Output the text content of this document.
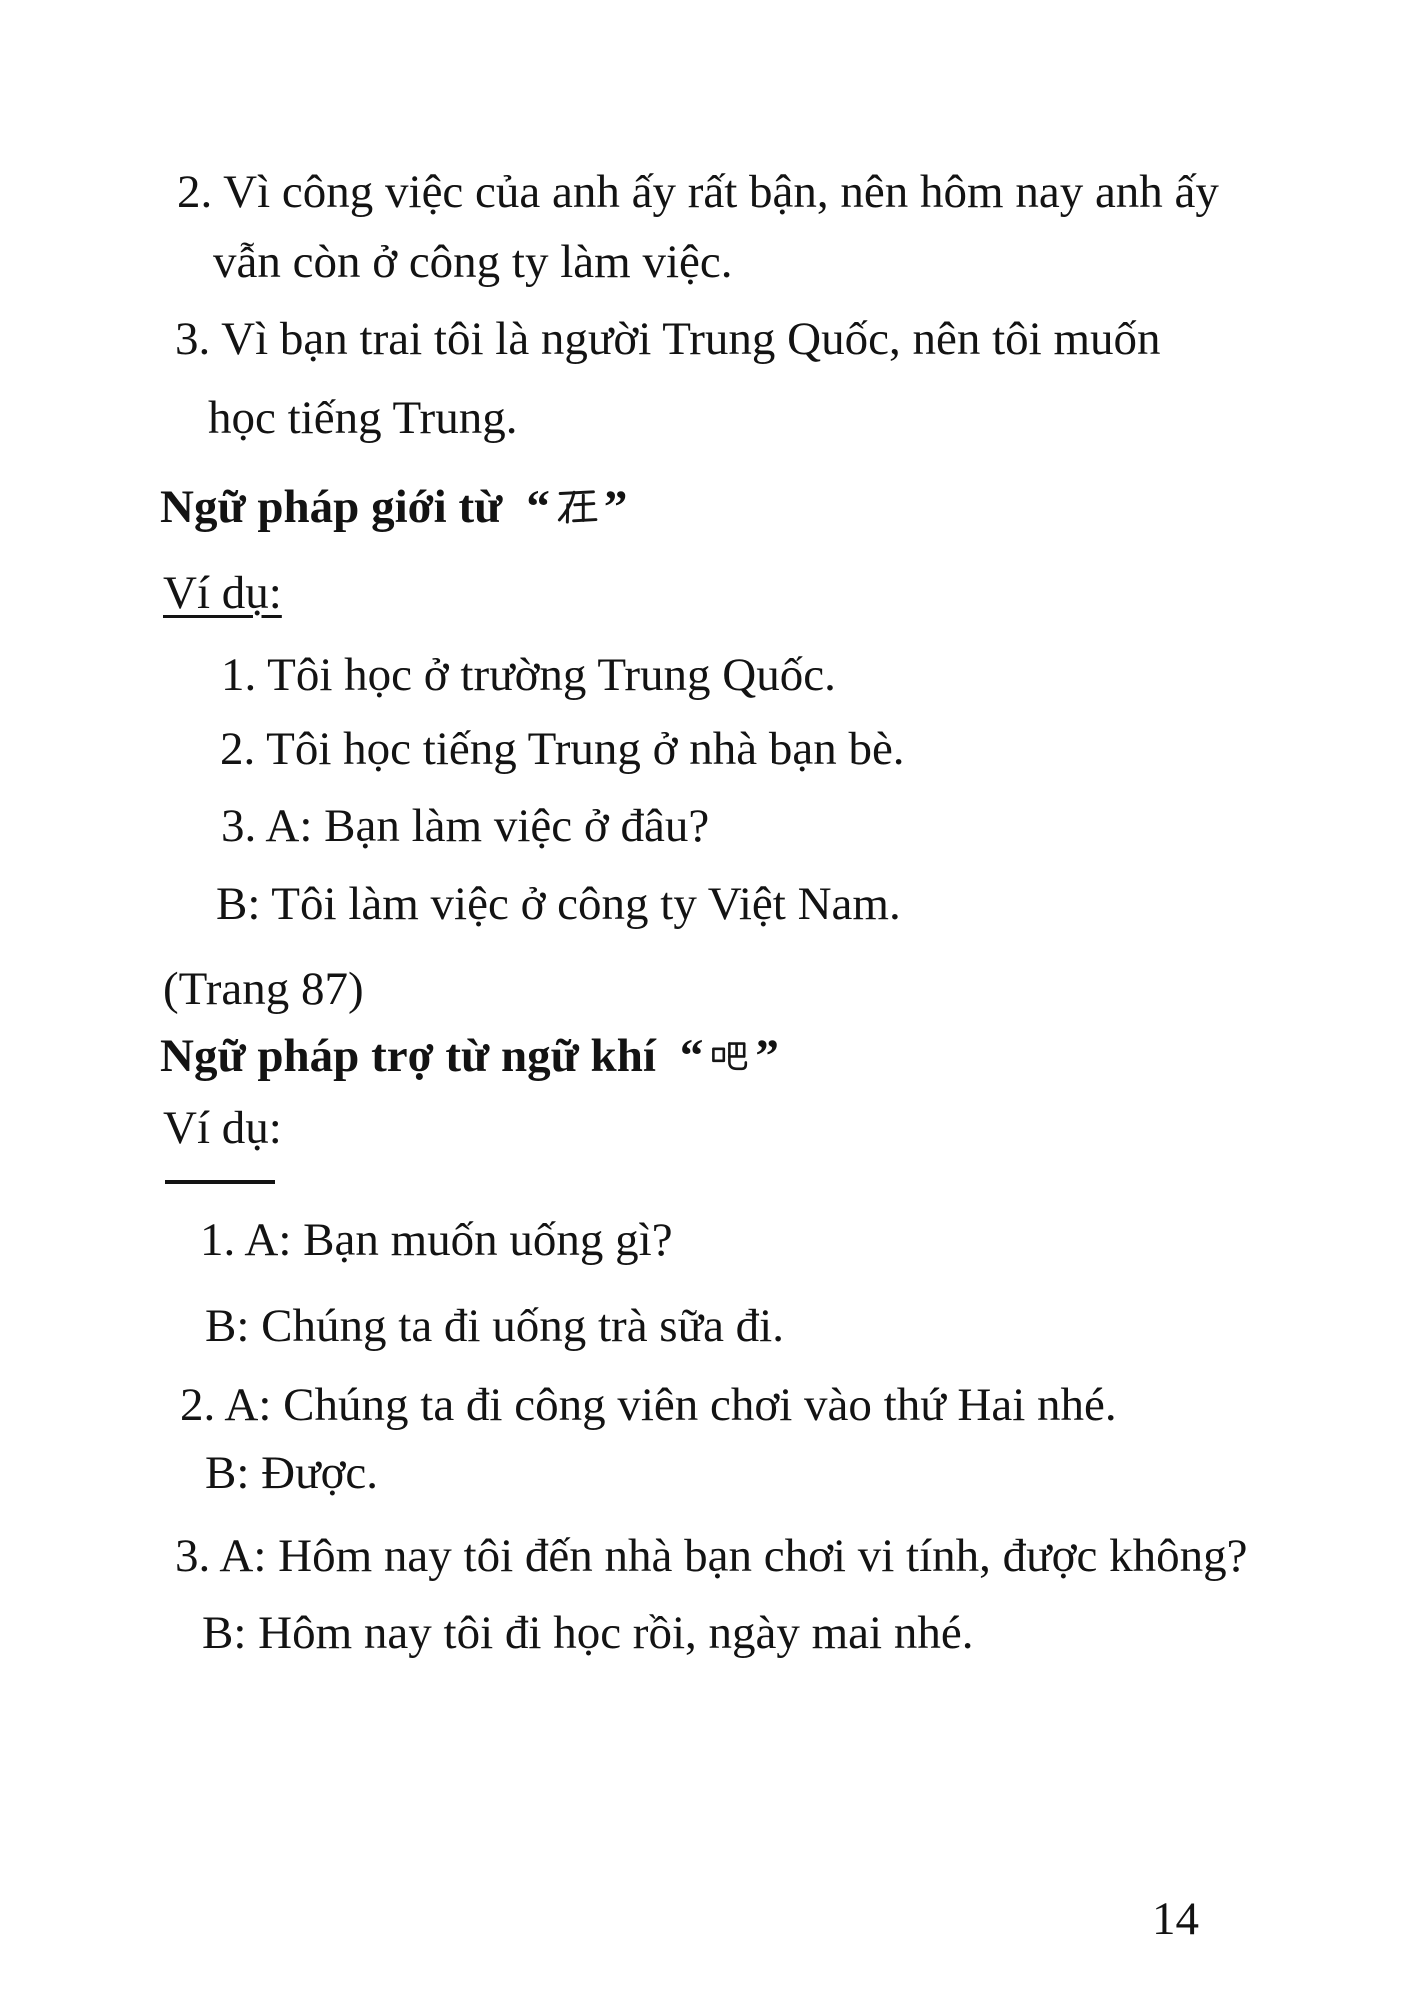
2. Vì công việc của anh ấy rất bận, nên hôm nay anh ấy
vẫn còn ở công ty làm việc.
3. Vì bạn trai tôi là người Trung Quốc, nên tôi muốn
học tiếng Trung.
Ngữ pháp giới từ “ ”
Ví dụ:
1. Tôi học ở trường Trung Quốc.
2. Tôi học tiếng Trung ở nhà bạn bè.
3. A: Bạn làm việc ở đâu?
B: Tôi làm việc ở công ty Việt Nam.
(Trang 87)
Ngữ pháp trợ từ ngữ khí “ ”
Ví dụ:
1. A: Bạn muốn uống gì?
B: Chúng ta đi uống trà sữa đi.
2. A: Chúng ta đi công viên chơi vào thứ Hai nhé.
B: Được.
3. A: Hôm nay tôi đến nhà bạn chơi vi tính, được không?
B: Hôm nay tôi đi học rồi, ngày mai nhé.
14
